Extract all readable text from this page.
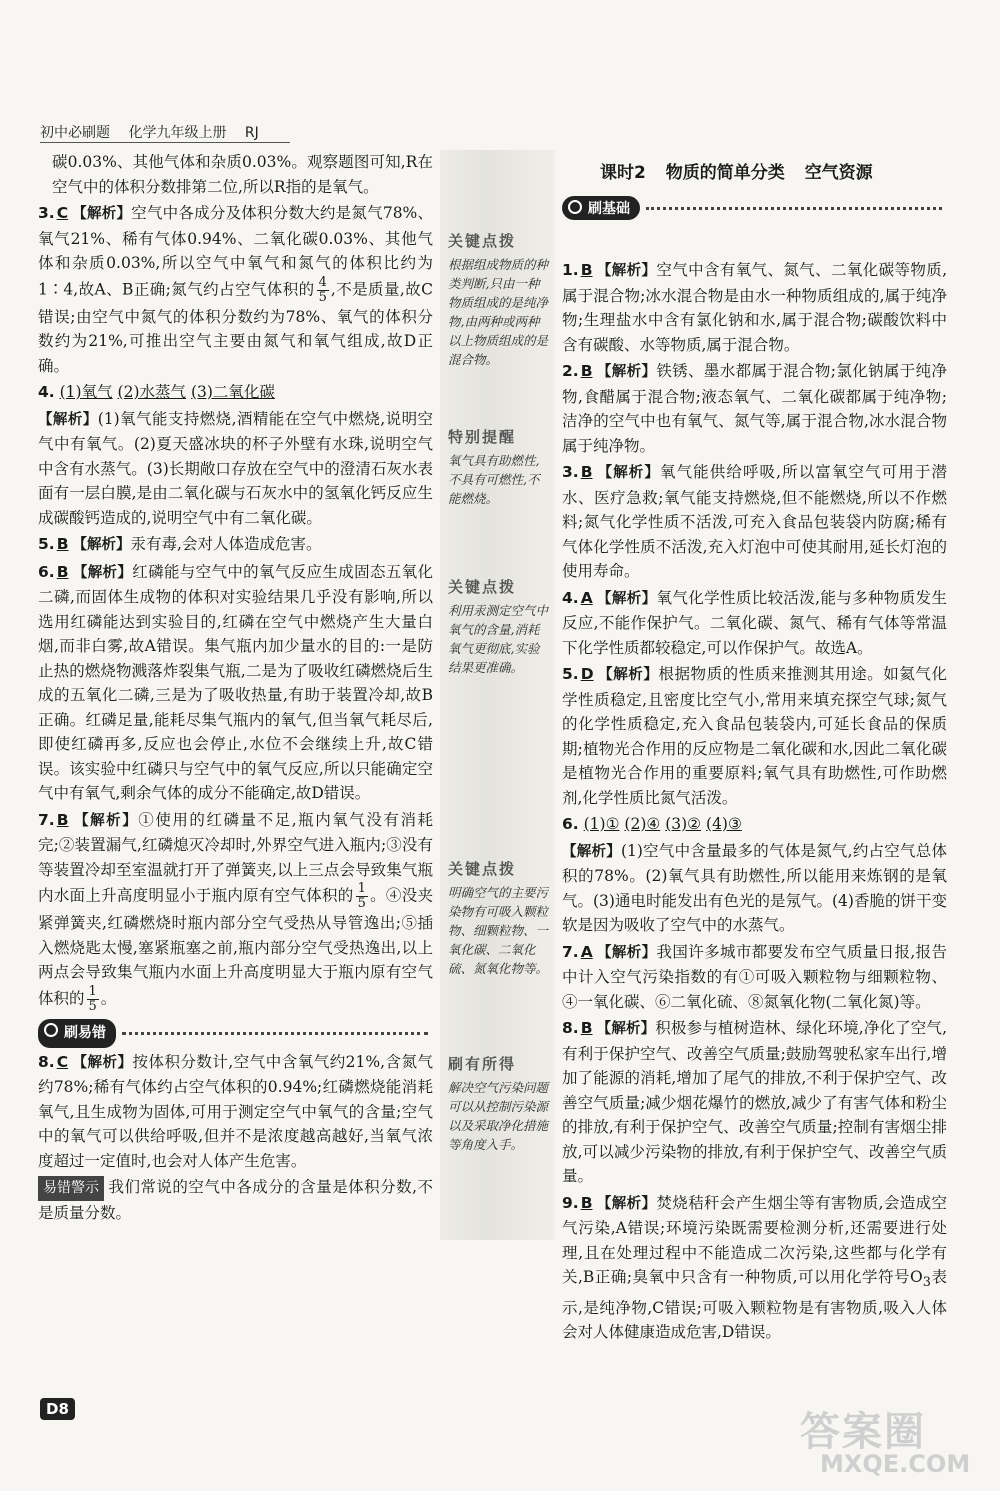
初中必刷题 化学九年级上册 RJ
课时2 物质的简单分类 空气资源
刷基础

碳0.03%、其他气体和杂质0.03%。观察题图可知,R在空气中的体积分数排第二位,所以R指的是氧气。

3. C 【解析】空气中各成分及体积分数大约是氮气78%、氧气21%、稀有气体0.94%、二氧化碳0.03%、其他气体和杂质0.03%,所以空气中氧气和氮气的体积比约为1∶4,故A、B正确;氮气约占空气体积的 $\frac{4}{5}$ ,不是质量,故C错误;由空气中氮气的体积分数约为78%、氧气的体积分数约为21%,可推出空气主要由氮气和氧气组成,故D正确。

4. (1)氧气 (2)水蒸气 (3)二氧化碳

【解析】(1)氧气能支持燃烧,酒精能在空气中燃烧,说明空气中有氧气。(2)夏天盛冰块的杯子外壁有水珠,说明空气中含有水蒸气。(3)长期敞口存放在空气中的澄清石灰水表面有一层白膜,是由二氧化碳与石灰水中的氢氧化钙反应生成碳酸钙造成的,说明空气中有二氧化碳。

5. B 【解析】汞有毒,会对人体造成危害。

6. B 【解析】红磷能与空气中的氧气反应生成固态五氧化二磷,而固体生成物的体积对实验结果几乎没有影响,所以选用红磷能达到实验目的,红磷在空气中燃烧产生大量白烟,而非白雾,故A错误。集气瓶内加少量水的目的:一是防止热的燃烧物溅落炸裂集气瓶,二是为了吸收红磷燃烧后生成的五氧化二磷,三是为了吸收热量,有助于装置冷却,故B正确。红磷足量,能耗尽集气瓶内的氧气,但当氧气耗尽后,即使红磷再多,反应也会停止,水位不会继续上升,故C错误。该实验中红磷只与空气中的氧气反应,所以只能确定空气中有氧气,剩余气体的成分不能确定,故D错误。

7. B 【解析】①使用的红磷量不足,瓶内氧气没有消耗完;②装置漏气,红磷熄灭冷却时,外界空气进入瓶内;③没有等装置冷却至室温就打开了弹簧夹,以上三点会导致集气瓶内水面上升高度明显小于瓶内原有空气体积的 $\frac{1}{5}$ 。④没夹紧弹簧夹,红磷燃烧时瓶内部分空气受热从导管逸出;⑤插入燃烧匙太慢,塞紧瓶塞之前,瓶内部分空气受热逸出,以上两点会导致集气瓶内水面上升高度明显大于瓶内原有空气体积的 $\frac{1}{5}$ 。

刷易错

8. C 【解析】按体积分数计,空气中含氧气约21%,含氮气约78%;稀有气体约占空气体积的0.94%;红磷燃烧能消耗氧气,且生成物为固体,可用于测定空气中氧气的含量;空气中的氧气可以供给呼吸,但并不是浓度越高越好,当氧气浓度超过一定值时,也会对人体产生危害。

易错警示 我们常说的空气中各成分的含量是体积分数,不是质量分数。

关键点拨
根据组成物质的种类判断,只由一种物质组成的是纯净物,由两种或两种以上物质组成的是混合物。
特别提醒
氧气具有助燃性,不具有可燃性,不能燃烧。
关键点拨
利用汞测定空气中氧气的含量,消耗氧气更彻底,实验结果更准确。
关键点拨
明确空气的主要污染物有可吸入颗粒物、细颗粒物、一氧化碳、二氧化硫、氮氧化物等。
刷有所得
解决空气污染问题可以从控制污染源以及采取净化措施等角度入手。

1. B 【解析】空气中含有氧气、氮气、二氧化碳等物质,属于混合物;冰水混合物是由水一种物质组成的,属于纯净物;生理盐水中含有氯化钠和水,属于混合物;碳酸饮料中含有碳酸、水等物质,属于混合物。

2. B 【解析】铁锈、墨水都属于混合物;氯化钠属于纯净物,食醋属于混合物;液态氧气、二氧化碳都属于纯净物;洁净的空气中也有氧气、氮气等,属于混合物,冰水混合物属于纯净物。

3. B 【解析】氧气能供给呼吸,所以富氧空气可用于潜水、医疗急救;氧气能支持燃烧,但不能燃烧,所以不作燃料;氮气化学性质不活泼,可充入食品包装袋内防腐;稀有气体化学性质不活泼,充入灯泡中可使其耐用,延长灯泡的使用寿命。

4. A 【解析】氧气化学性质比较活泼,能与多种物质发生反应,不能作保护气。二氧化碳、氮气、稀有气体等常温下化学性质都较稳定,可以作保护气。故选A。

5. D 【解析】根据物质的性质来推测其用途。如氦气化学性质稳定,且密度比空气小,常用来填充探空气球;氮气的化学性质稳定,充入食品包装袋内,可延长食品的保质期;植物光合作用的反应物是二氧化碳和水,因此二氧化碳是植物光合作用的重要原料;氧气具有助燃性,可作助燃剂,化学性质比氮气活泼。

6. (1)① (2)④ (3)② (4)③

【解析】(1)空气中含量最多的气体是氮气,约占空气总体积的78%。(2)氧气具有助燃性,所以能用来炼钢的是氧气。(3)通电时能发出有色光的是氖气。(4)香脆的饼干变软是因为吸收了空气中的水蒸气。

7. A 【解析】我国许多城市都要发布空气质量日报,报告中计入空气污染指数的有①可吸入颗粒物与细颗粒物、④一氧化碳、⑥二氧化硫、⑧氮氧化物(二氧化氮)等。

8. B 【解析】积极参与植树造林、绿化环境,净化了空气,有利于保护空气、改善空气质量;鼓励驾驶私家车出行,增加了能源的消耗,增加了尾气的排放,不利于保护空气、改善空气质量;减少烟花爆竹的燃放,减少了有害气体和粉尘的排放,有利于保护空气、改善空气质量;控制有害烟尘排放,可以减少污染物的排放,有利于保护空气、改善空气质量。

9. B 【解析】焚烧秸秆会产生烟尘等有害物质,会造成空气污染,A错误;环境污染既需要检测分析,还需要进行处理,且在处理过程中不能造成二次污染,这些都与化学有关,B正确;臭氧中只含有一种物质,可以用化学符号$O_3$表示,是纯净物,C错误;可吸入颗粒物是有害物质,吸入人体会对人体健康造成危害,D错误。

D8	答案圈
MXQE.COM
